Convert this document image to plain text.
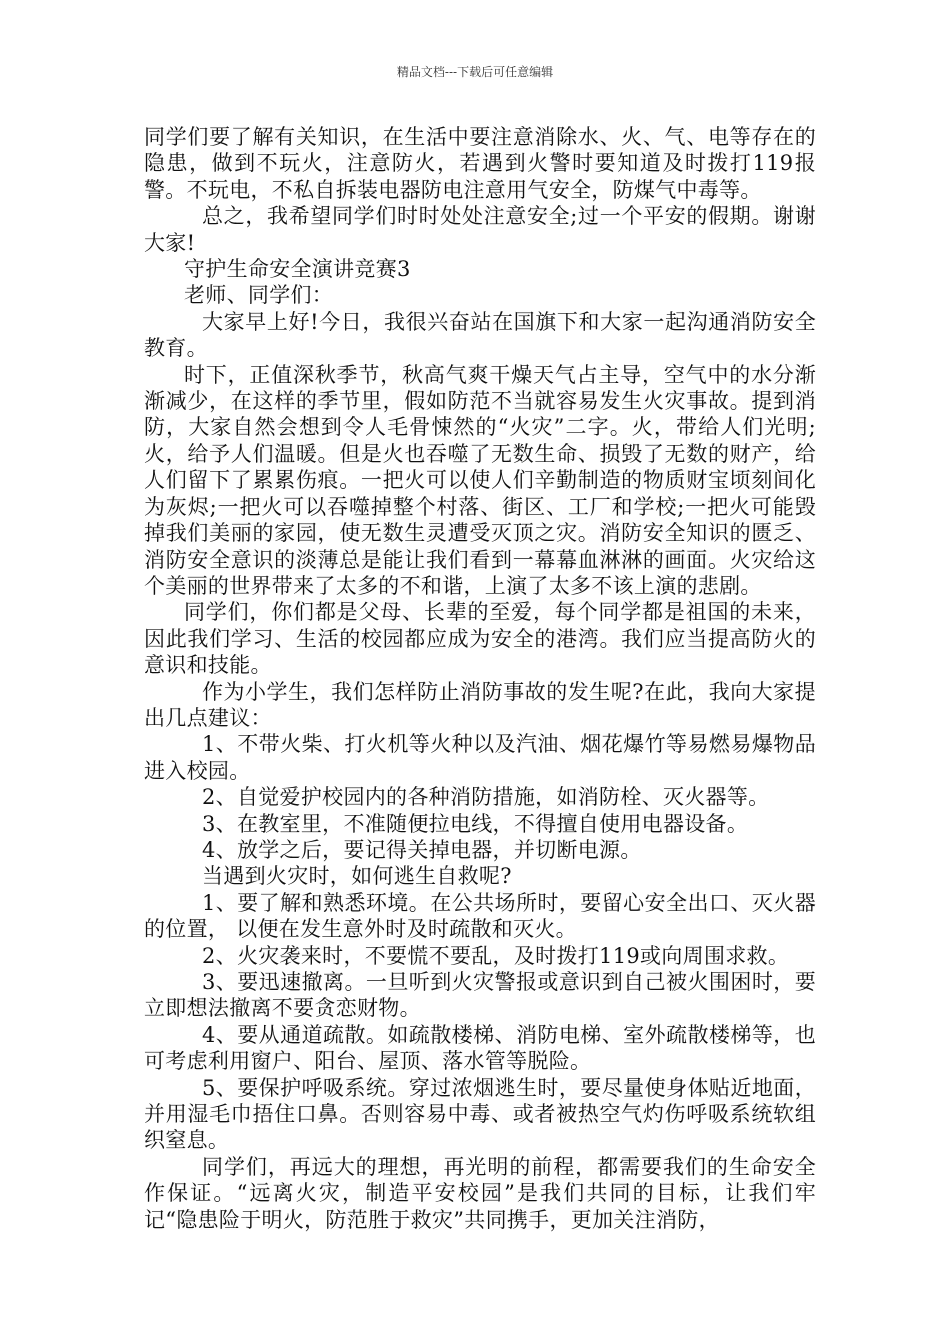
精品文档---下载后可任意编辑

同学们要了解有关知识，在生活中要注意消除水、火、气、电等存在的隐患，做到不玩火，注意防火，若遇到火警时要知道及时拨打119报警。不玩电，不私自拆装电器防电注意用气安全，防煤气中毒等。

总之，我希望同学们时时处处注意安全;过一个平安的假期。谢谢大家!

守护生命安全演讲竞赛3

老师、同学们：

大家早上好!今日，我很兴奋站在国旗下和大家一起沟通消防安全教育。

时下，正值深秋季节，秋高气爽干燥天气占主导，空气中的水分渐渐减少，在这样的季节里，假如防范不当就容易发生火灾事故。提到消防，大家自然会想到令人毛骨悚然的“火灾”二字。火，带给人们光明;火，给予人们温暖。但是火也吞噬了无数生命、损毁了无数的财产，给人们留下了累累伤痕。一把火可以使人们辛勤制造的物质财宝顷刻间化为灰烬;一把火可以吞噬掉整个村落、街区、工厂和学校;一把火可能毁掉我们美丽的家园，使无数生灵遭受灭顶之灾。消防安全知识的匮乏、消防安全意识的淡薄总是能让我们看到一幕幕血淋淋的画面。火灾给这个美丽的世界带来了太多的不和谐，上演了太多不该上演的悲剧。

同学们，你们都是父母、长辈的至爱，每个同学都是祖国的未来，因此我们学习、生活的校园都应成为安全的港湾。我们应当提高防火的意识和技能。

作为小学生，我们怎样防止消防事故的发生呢?在此，我向大家提出几点建议：

1、不带火柴、打火机等火种以及汽油、烟花爆竹等易燃易爆物品进入校园。

2、自觉爱护校园内的各种消防措施，如消防栓、灭火器等。

3、在教室里，不准随便拉电线，不得擅自使用电器设备。

4、放学之后，要记得关掉电器，并切断电源。

当遇到火灾时，如何逃生自救呢?

1、要了解和熟悉环境。在公共场所时，要留心安全出口、灭火器的位置， 以便在发生意外时及时疏散和灭火。

2、火灾袭来时，不要慌不要乱，及时拨打119或向周围求救。

3、要迅速撤离。一旦听到火灾警报或意识到自己被火围困时，要立即想法撤离不要贪恋财物。

4、要从通道疏散。如疏散楼梯、消防电梯、室外疏散楼梯等，也可考虑利用窗户、阳台、屋顶、落水管等脱险。

5、要保护呼吸系统。穿过浓烟逃生时，要尽量使身体贴近地面，并用湿毛巾捂住口鼻。否则容易中毒、或者被热空气灼伤呼吸系统软组织窒息。

同学们，再远大的理想，再光明的前程，都需要我们的生命安全作保证。“远离火灾，制造平安校园”是我们共同的目标，让我们牢记“隐患险于明火，防范胜于救灾”共同携手，更加关注消防，
